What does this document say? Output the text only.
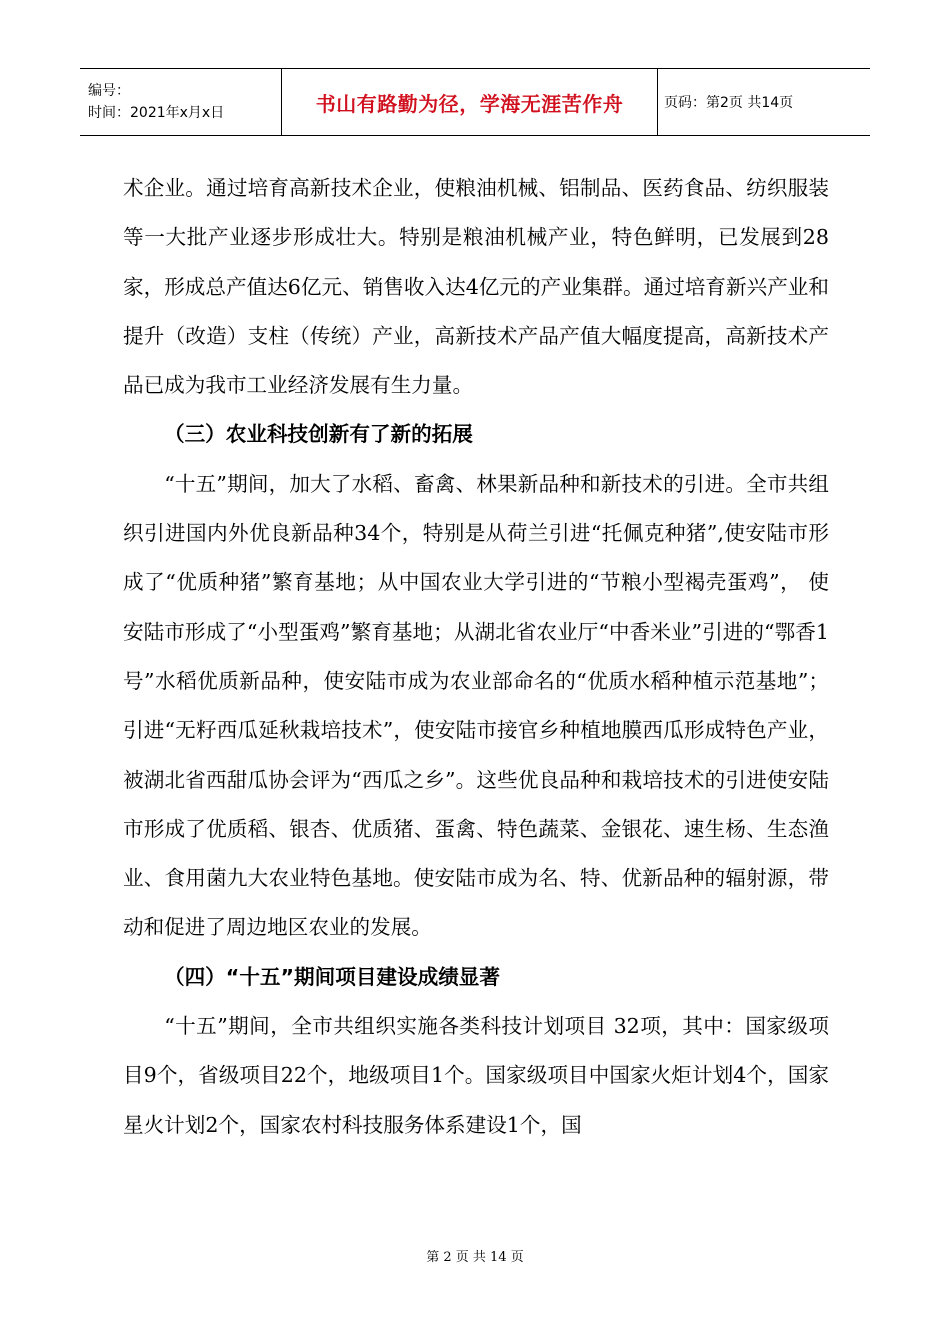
编号：
时间：2021年x月x日	书山有路勤为径，学海无涯苦作舟	页码：第2页 共14页

术企业。通过培育高新技术企业，使粮油机械、铝制品、医药食品、纺织服装等一大批产业逐步形成壮大。特别是粮油机械产业，特色鲜明，已发展到28家，形成总产值达6亿元、销售收入达4亿元的产业集群。通过培育新兴产业和提升（改造）支柱（传统）产业，高新技术产品产值大幅度提高，高新技术产品已成为我市工业经济发展有生力量。

（三）农业科技创新有了新的拓展

“十五”期间，加大了水稻、畜禽、林果新品种和新技术的引进。全市共组织引进国内外优良新品种34个，特别是从荷兰引进“托佩克种猪”,使安陆市形成了“优质种猪”繁育基地；从中国农业大学引进的“节粮小型褐壳蛋鸡”， 使安陆市形成了“小型蛋鸡”繁育基地；从湖北省农业厅“中香米业”引进的“鄂香1号”水稻优质新品种，使安陆市成为农业部命名的“优质水稻种植示范基地”；引进“无籽西瓜延秋栽培技术”，使安陆市接官乡种植地膜西瓜形成特色产业，被湖北省西甜瓜协会评为“西瓜之乡”。这些优良品种和栽培技术的引进使安陆市形成了优质稻、银杏、优质猪、蛋禽、特色蔬菜、金银花、速生杨、生态渔业、食用菌九大农业特色基地。使安陆市成为名、特、优新品种的辐射源，带动和促进了周边地区农业的发展。

（四）“十五”期间项目建设成绩显著

“十五”期间，全市共组织实施各类科技计划项目 32项，其中：国家级项目9个，省级项目22个，地级项目1个。国家级项目中国家火炬计划4个，国家星火计划2个，国家农村科技服务体系建设1个，国

第 2 页 共 14 页
